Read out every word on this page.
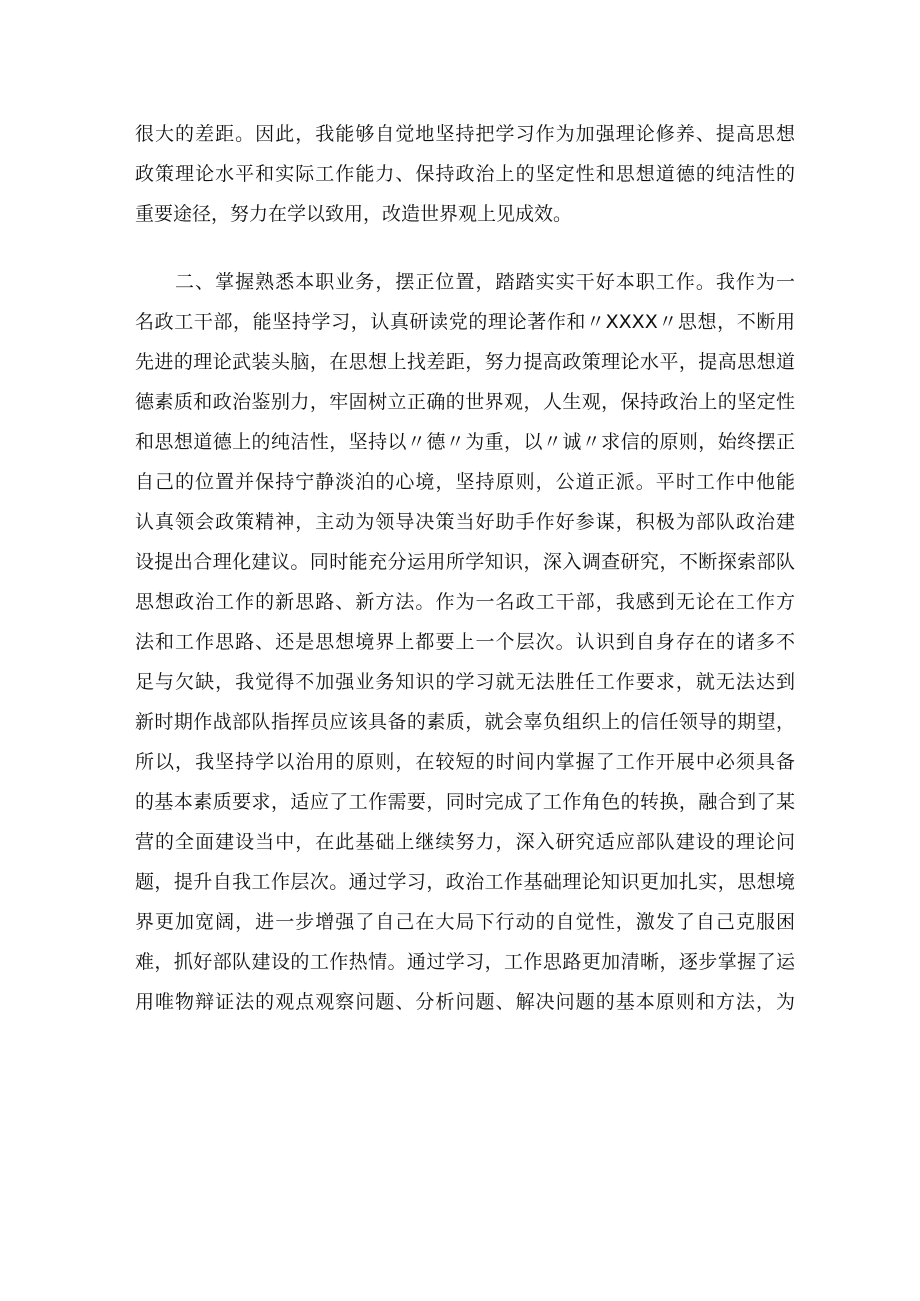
很大的差距。因此，我能够自觉地坚持把学习作为加强理论修养、提高思想
政策理论水平和实际工作能力、保持政治上的坚定性和思想道德的纯洁性的
重要途径，努力在学以致用，改造世界观上见成效。
二、掌握熟悉本职业务，摆正位置，踏踏实实干好本职工作。我作为一
名政工干部，能坚持学习，认真研读党的理论著作和〃XXXX〃思想，不断用
先进的理论武装头脑，在思想上找差距，努力提高政策理论水平，提高思想道
德素质和政治鉴别力，牢固树立正确的世界观，人生观，保持政治上的坚定性
和思想道德上的纯洁性，坚持以〃德〃为重，以〃诚〃求信的原则，始终摆正
自己的位置并保持宁静淡泊的心境，坚持原则，公道正派。平时工作中他能
认真领会政策精神，主动为领导决策当好助手作好参谋，积极为部队政治建
设提出合理化建议。同时能充分运用所学知识，深入调查研究，不断探索部队
思想政治工作的新思路、新方法。作为一名政工干部，我感到无论在工作方
法和工作思路、还是思想境界上都要上一个层次。认识到自身存在的诸多不
足与欠缺，我觉得不加强业务知识的学习就无法胜任工作要求，就无法达到
新时期作战部队指挥员应该具备的素质，就会辜负组织上的信任领导的期望，
所以，我坚持学以治用的原则，在较短的时间内掌握了工作开展中必须具备
的基本素质要求，适应了工作需要，同时完成了工作角色的转换，融合到了某
营的全面建设当中，在此基础上继续努力，深入研究适应部队建设的理论问
题，提升自我工作层次。通过学习，政治工作基础理论知识更加扎实，思想境
界更加宽阔，进一步增强了自己在大局下行动的自觉性，激发了自己克服困
难，抓好部队建设的工作热情。通过学习，工作思路更加清晰，逐步掌握了运
用唯物辩证法的观点观察问题、分析问题、解决问题的基本原则和方法，为
